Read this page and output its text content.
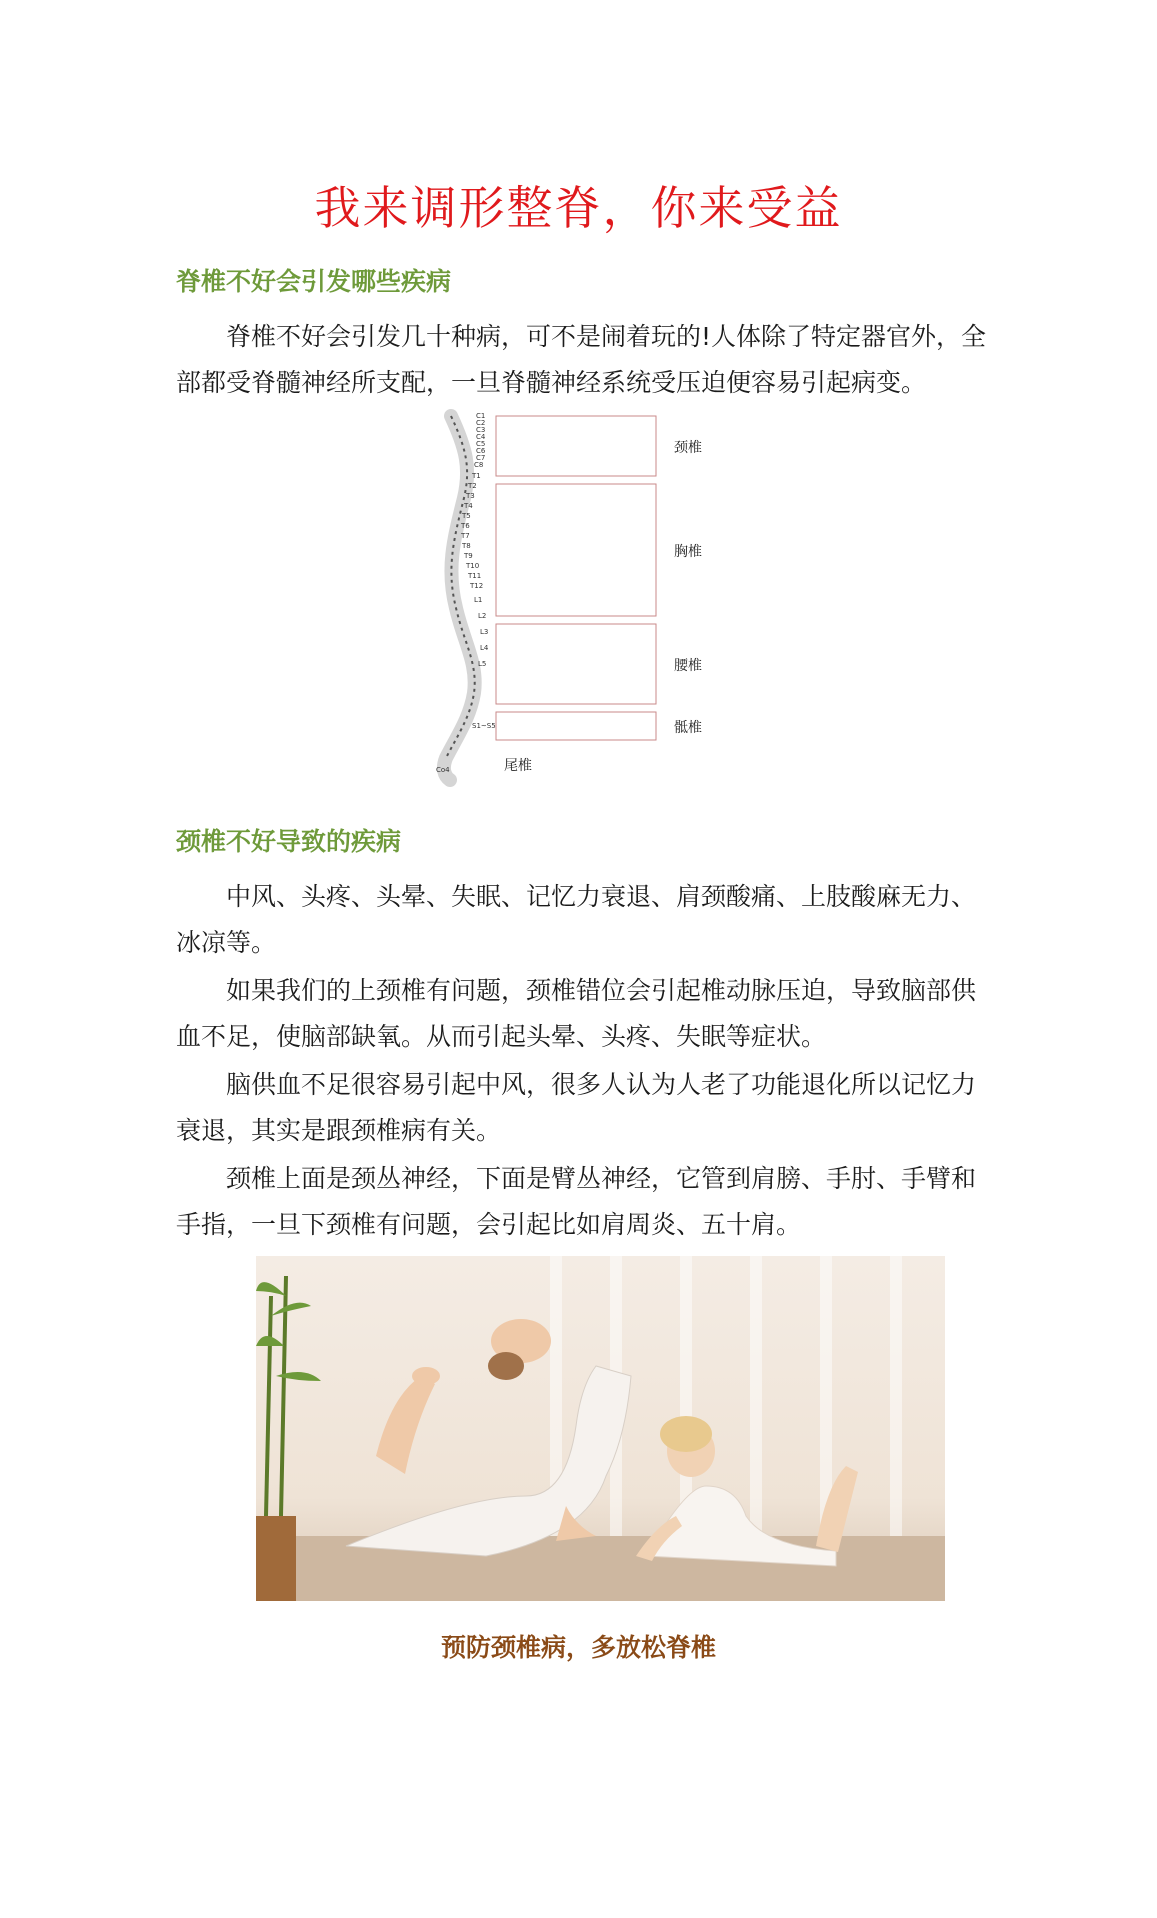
我来调形整脊，你来受益
脊椎不好会引发哪些疾病

脊椎不好会引发几十种病，可不是闹着玩的!人体除了特定器官外，全部都受脊髓神经所支配，一旦脊髓神经系统受压迫便容易引起病变。

C1
C2
C3
C4
C5
C6
C7
C8
T1
T2
T3
T4
T5
T6
T7
T8
T9
T10
T11
T12
L1
L2
L3
L4
L5
S1~S5
Co4
颈椎
胸椎
腰椎
骶椎
尾椎
颈椎不好导致的疾病

中风、头疼、头晕、失眠、记忆力衰退、肩颈酸痛、上肢酸麻无力、冰凉等。

如果我们的上颈椎有问题，颈椎错位会引起椎动脉压迫，导致脑部供血不足，使脑部缺氧。从而引起头晕、头疼、失眠等症状。

脑供血不足很容易引起中风，很多人认为人老了功能退化所以记忆力衰退，其实是跟颈椎病有关。

颈椎上面是颈丛神经，下面是臂丛神经，它管到肩膀、手肘、手臂和手指，一旦下颈椎有问题，会引起比如肩周炎、五十肩。

预防颈椎病，多放松脊椎
